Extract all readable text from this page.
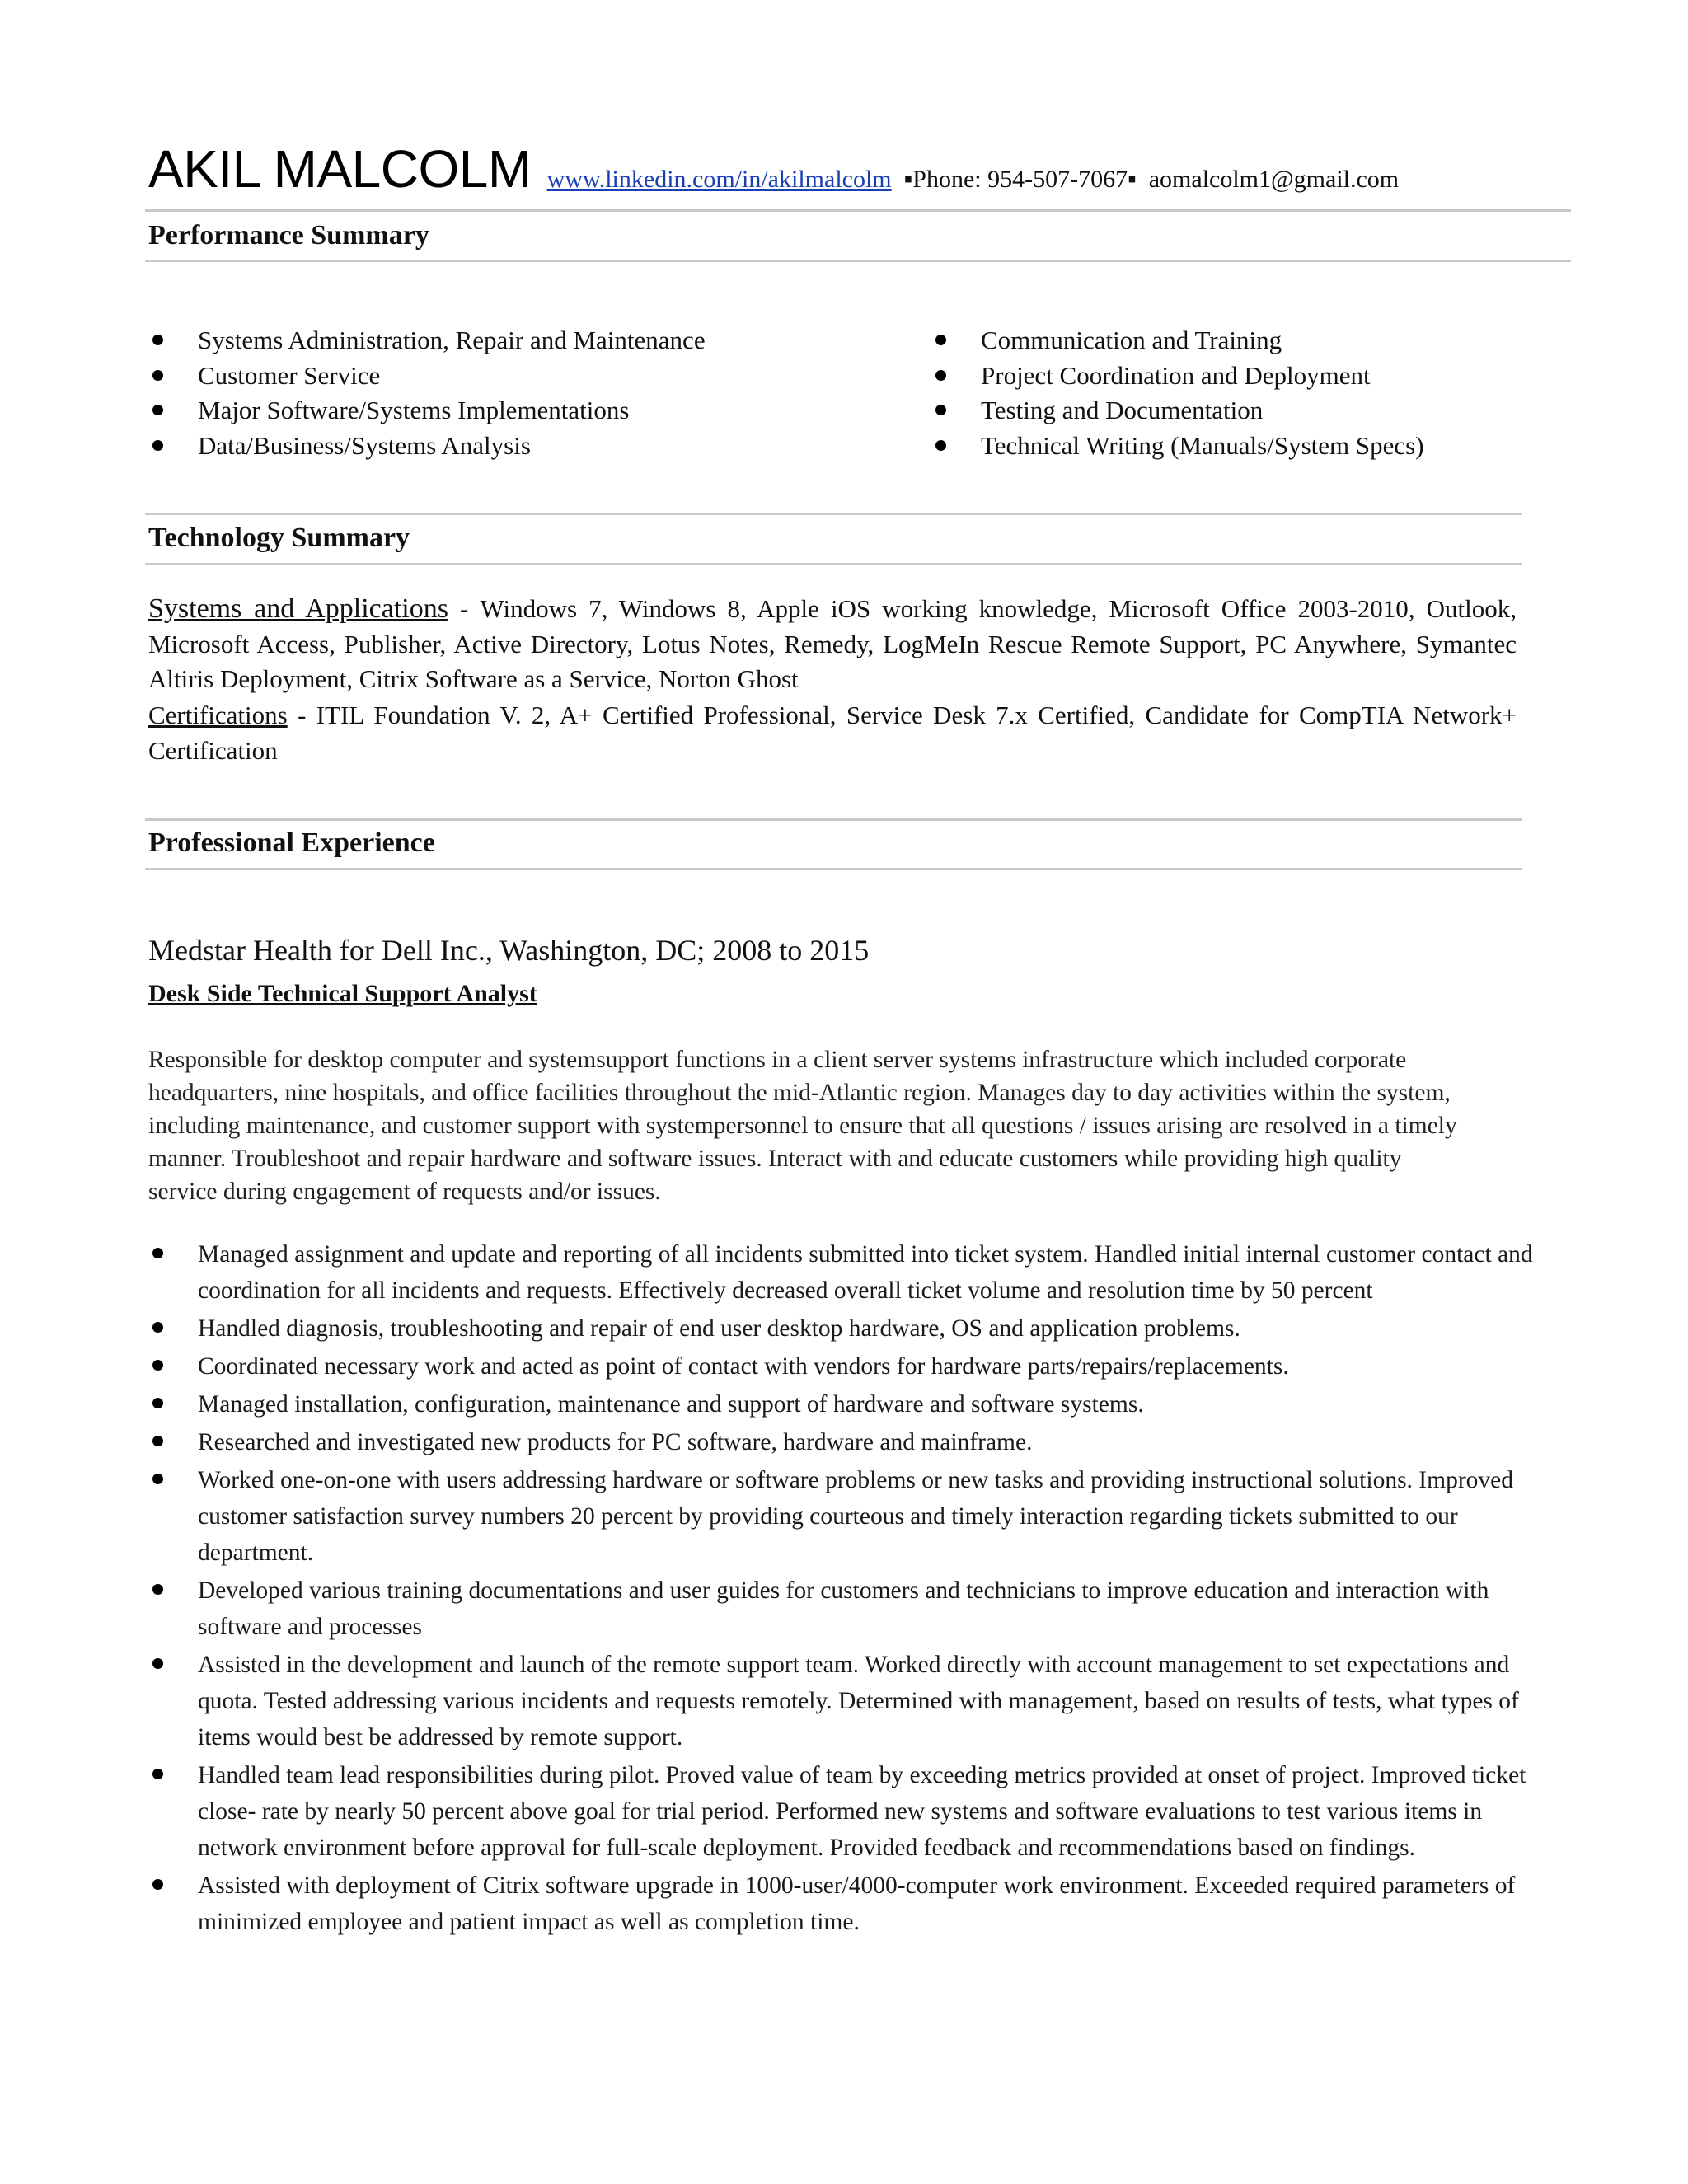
AKIL MALCOLM www.linkedin.com/in/akilmalcolm ▪Phone: 954-507-7067▪ aomalcolm1@gmail.com
Performance Summary
Systems Administration, Repair and Maintenance
Customer Service
Major Software/Systems Implementations
Data/Business/Systems Analysis
Communication and Training
Project Coordination and Deployment
Testing and Documentation
Technical Writing (Manuals/System Specs)
Technology Summary
Systems and Applications - Windows 7, Windows 8, Apple iOS working knowledge, Microsoft Office 2003-2010, Outlook, Microsoft Access, Publisher, Active Directory, Lotus Notes, Remedy, LogMeIn Rescue Remote Support, PC Anywhere, Symantec Altiris Deployment, Citrix Software as a Service, Norton Ghost
Certifications - ITIL Foundation V. 2, A+ Certified Professional, Service Desk 7.x Certified, Candidate for CompTIA Network+ Certification
Professional Experience
Medstar Health for Dell Inc., Washington, DC; 2008 to 2015
Desk Side Technical Support Analyst
Responsible for desktop computer and systemsupport functions in a client server systems infrastructure which included corporate headquarters, nine hospitals, and office facilities throughout the mid-Atlantic region. Manages day to day activities within the system, including maintenance, and customer support with systempersonnel to ensure that all questions / issues arising are resolved in a timely manner. Troubleshoot and repair hardware and software issues. Interact with and educate customers while providing high quality service during engagement of requests and/or issues.
Managed assignment and update and reporting of all incidents submitted into ticket system. Handled initial internal customer contact and coordination for all incidents and requests. Effectively decreased overall ticket volume and resolution time by 50 percent
Handled diagnosis, troubleshooting and repair of end user desktop hardware, OS and application problems.
Coordinated necessary work and acted as point of contact with vendors for hardware parts/repairs/replacements.
Managed installation, configuration, maintenance and support of hardware and software systems.
Researched and investigated new products for PC software, hardware and mainframe.
Worked one-on-one with users addressing hardware or software problems or new tasks and providing instructional solutions. Improved customer satisfaction survey numbers 20 percent by providing courteous and timely interaction regarding tickets submitted to our department.
Developed various training documentations and user guides for customers and technicians to improve education and interaction with software and processes
Assisted in the development and launch of the remote support team. Worked directly with account management to set expectations and quota. Tested addressing various incidents and requests remotely. Determined with management, based on results of tests, what types of items would best be addressed by remote support.
Handled team lead responsibilities during pilot. Proved value of team by exceeding metrics provided at onset of project. Improved ticket close- rate by nearly 50 percent above goal for trial period. Performed new systems and software evaluations to test various items in network environment before approval for full-scale deployment. Provided feedback and recommendations based on findings.
Assisted with deployment of Citrix software upgrade in 1000-user/4000-computer work environment. Exceeded required parameters of minimized employee and patient impact as well as completion time.
